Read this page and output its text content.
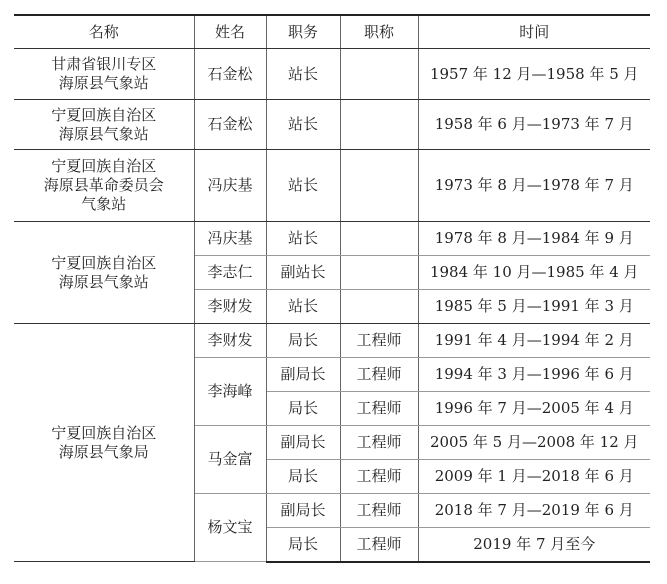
名称	姓名	职务	职称	时间

甘肃省银川专区
海原县气象站	石金松	站长		1957 年 12 月—1958 年 5 月

宁夏回族自治区
海原县气象站	石金松	站长		1958 年 6 月—1973 年 7 月

宁夏回族自治区
海原县革命委员会
气象站	冯庆基	站长		1973 年 8 月—1978 年 7 月

宁夏回族自治区
海原县气象站	冯庆基	站长		1978 年 8 月—1984 年 9 月
	李志仁	副站长		1984 年 10 月—1985 年 4 月
	李财发	站长		1985 年 5 月—1991 年 3 月

宁夏回族自治区
海原县气象局	李财发	局长	工程师	1991 年 4 月—1994 年 2 月
	李海峰	副局长	工程师	1994 年 3 月—1996 年 6 月
		局长	工程师	1996 年 7 月—2005 年 4 月
	马金富	副局长	工程师	2005 年 5 月—2008 年 12 月
		局长	工程师	2009 年 1 月—2018 年 6 月
	杨文宝	副局长	工程师	2018 年 7 月—2019 年 6 月
		局长	工程师	2019 年 7 月至今
